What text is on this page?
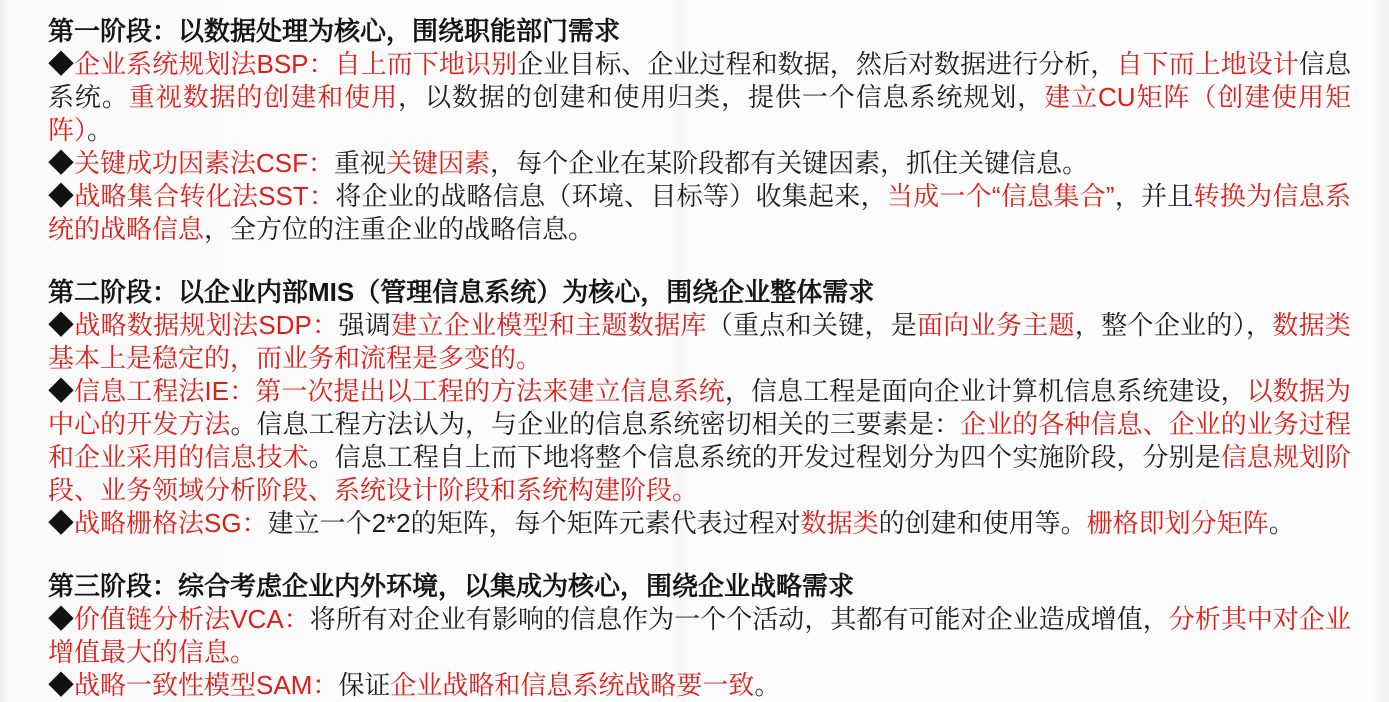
第一阶段：以数据处理为核心，围绕职能部门需求
◆企业系统规划法BSP：自上而下地识别企业目标、企业过程和数据，然后对数据进行分析，自下而上地设计信息系统。重视数据的创建和使用，以数据的创建和使用归类，提供一个信息系统规划，建立CU矩阵（创建使用矩阵）。
◆关键成功因素法CSF：重视关键因素，每个企业在某阶段都有关键因素，抓住关键信息。
◆战略集合转化法SST：将企业的战略信息（环境、目标等）收集起来，当成一个“信息集合”，并且转换为信息系统的战略信息，全方位的注重企业的战略信息。
第二阶段：以企业内部MIS（管理信息系统）为核心，围绕企业整体需求
◆战略数据规划法SDP：强调建立企业模型和主题数据库（重点和关键，是面向业务主题，整个企业的），数据类基本上是稳定的，而业务和流程是多变的。
◆信息工程法IE：第一次提出以工程的方法来建立信息系统，信息工程是面向企业计算机信息系统建设，以数据为中心的开发方法。信息工程方法认为，与企业的信息系统密切相关的三要素是：企业的各种信息、企业的业务过程和企业采用的信息技术。信息工程自上而下地将整个信息系统的开发过程划分为四个实施阶段，分别是信息规划阶段、业务领域分析阶段、系统设计阶段和系统构建阶段。
◆战略栅格法SG：建立一个2*2的矩阵，每个矩阵元素代表过程对数据类的创建和使用等。栅格即划分矩阵。
第三阶段：综合考虑企业内外环境，以集成为核心，围绕企业战略需求
◆价值链分析法VCA：将所有对企业有影响的信息作为一个个活动，其都有可能对企业造成增值，分析其中对企业增值最大的信息。
◆战略一致性模型SAM：保证企业战略和信息系统战略要一致。
